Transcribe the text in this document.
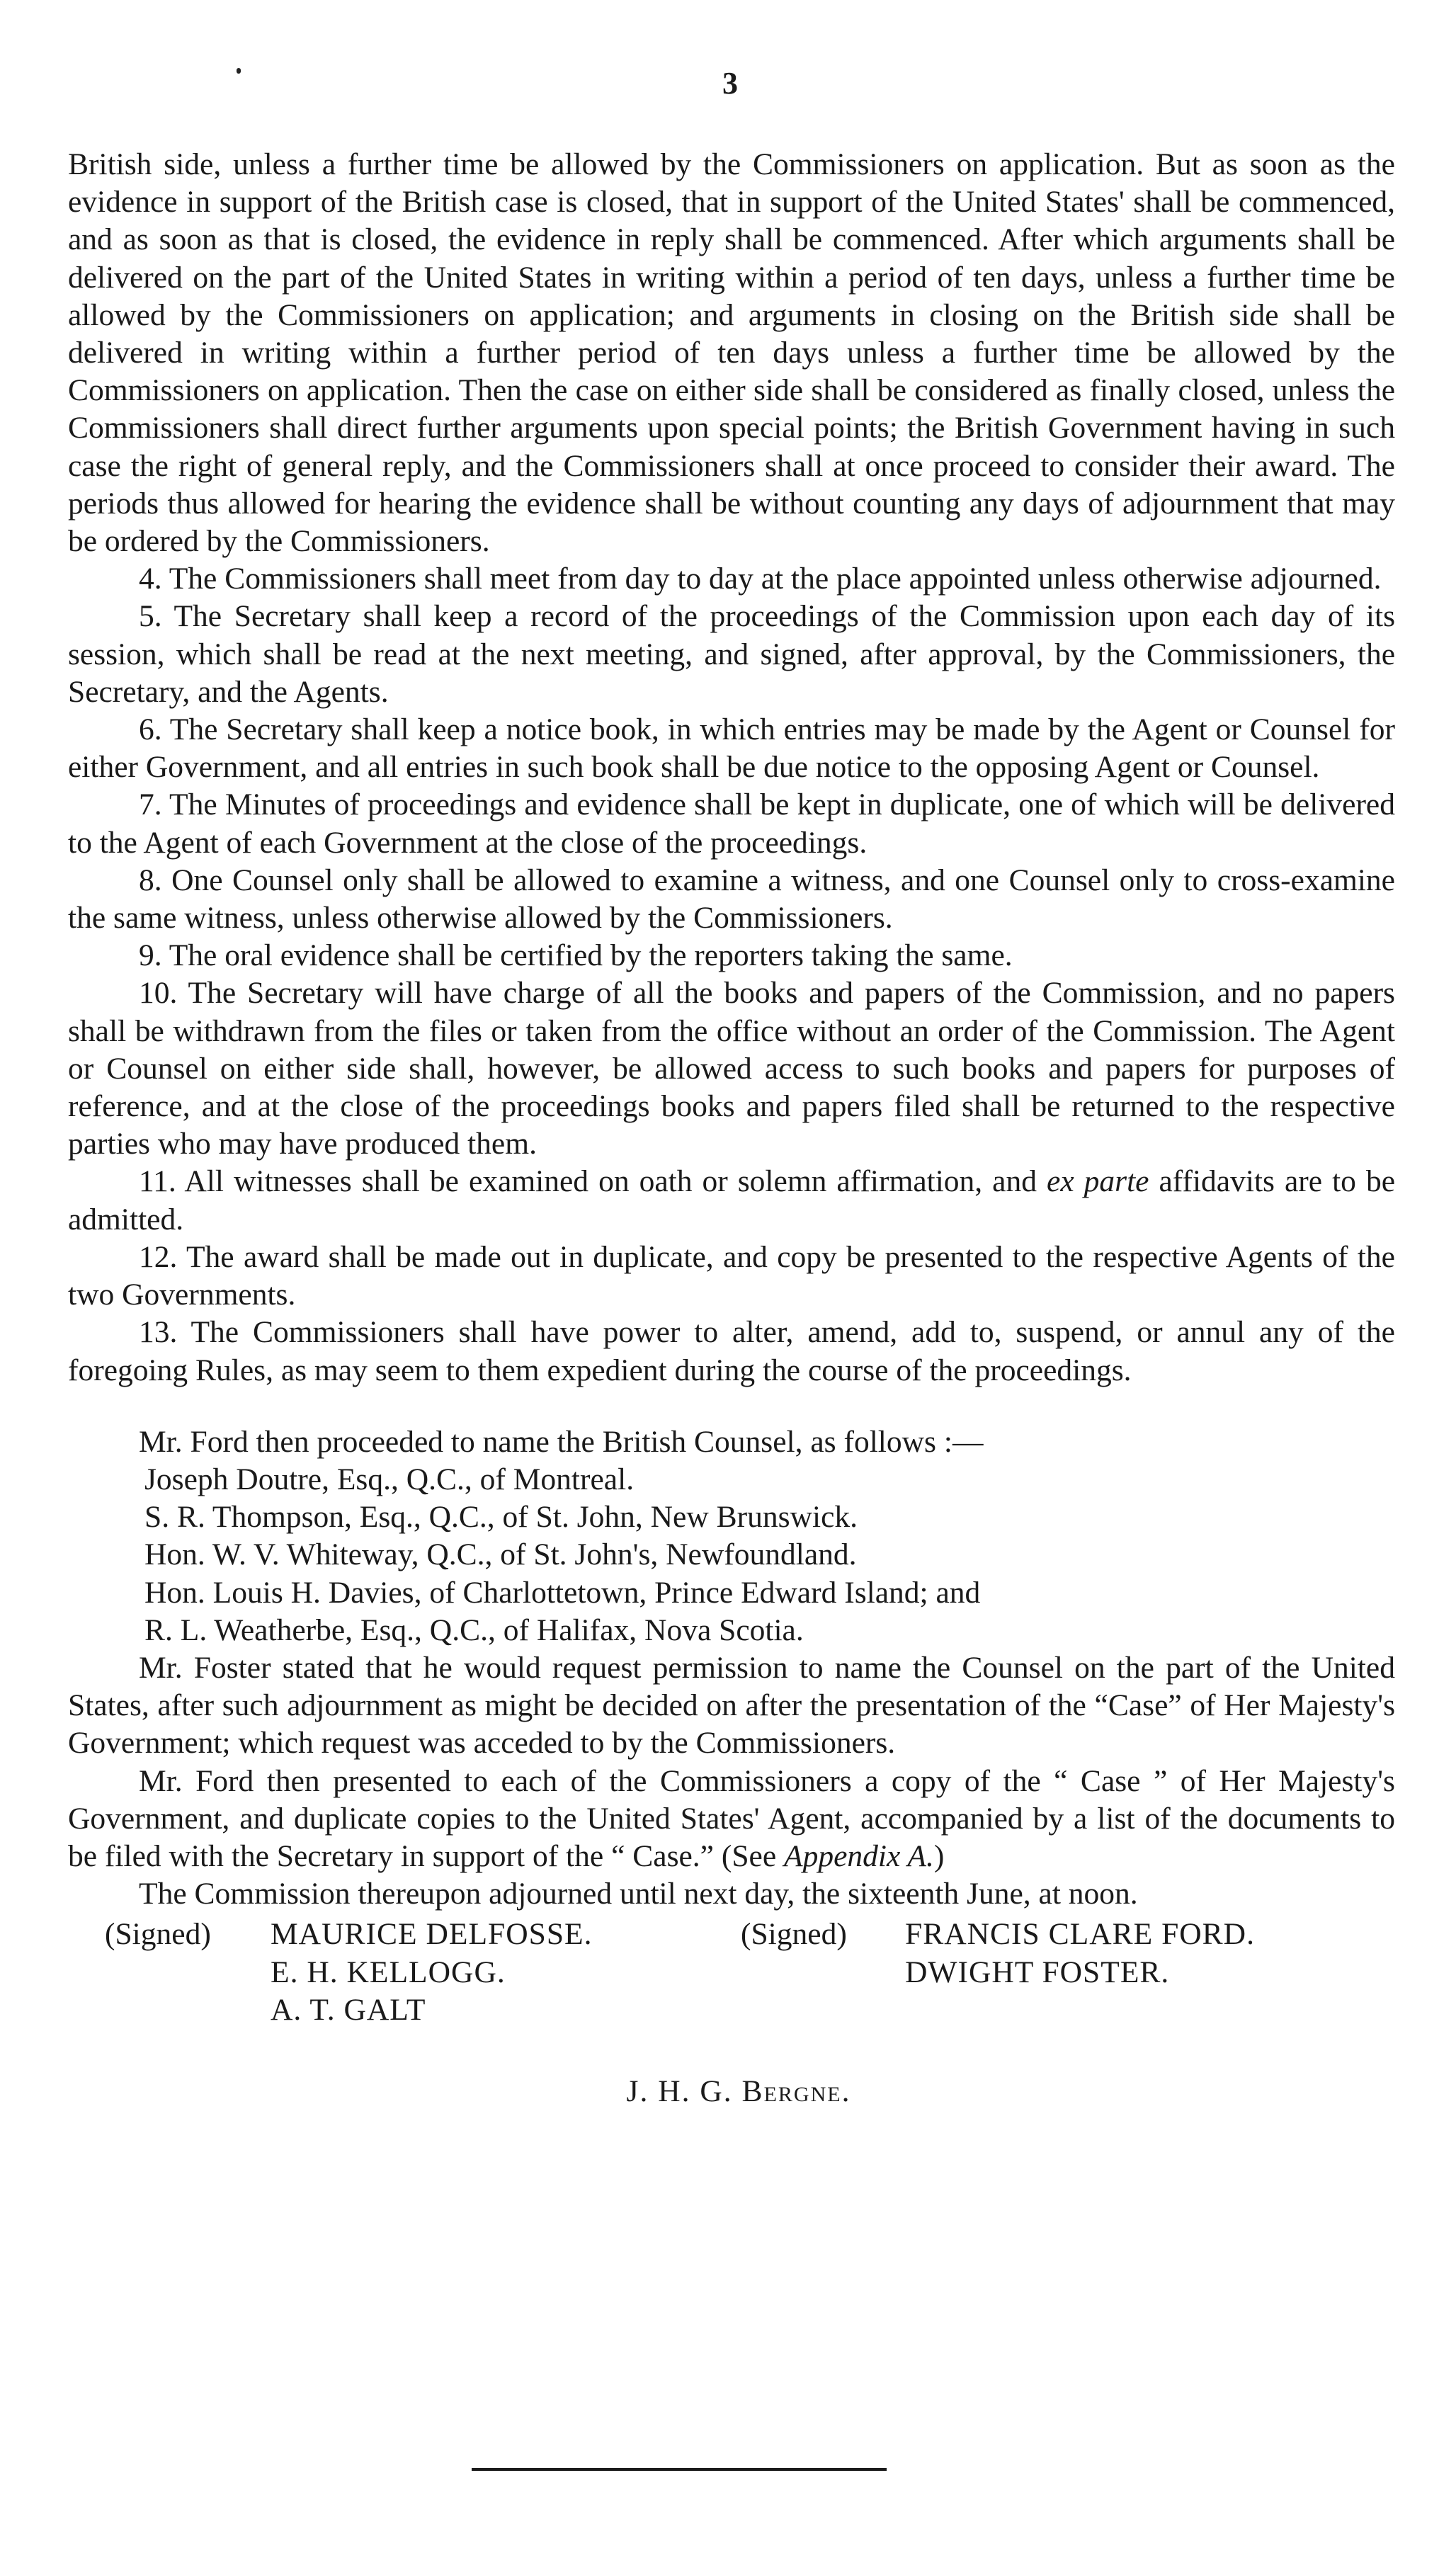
3

British side, unless a further time be allowed by the Commissioners on application. But as soon as the evidence in support of the British case is closed, that in support of the United States' shall be commenced, and as soon as that is closed, the evidence in reply shall be commenced. After which arguments shall be delivered on the part of the United States in writing within a period of ten days, unless a further time be allowed by the Commissioners on application; and arguments in closing on the British side shall be delivered in writing within a further period of ten days unless a further time be allowed by the Commissioners on application. Then the case on either side shall be considered as finally closed, unless the Commissioners shall direct further arguments upon special points; the British Government having in such case the right of general reply, and the Commissioners shall at once proceed to consider their award. The periods thus allowed for hearing the evidence shall be without counting any days of adjournment that may be ordered by the Commissioners.

4. The Commissioners shall meet from day to day at the place appointed unless otherwise adjourned.

5. The Secretary shall keep a record of the proceedings of the Commission upon each day of its session, which shall be read at the next meeting, and signed, after approval, by the Commissioners, the Secretary, and the Agents.

6. The Secretary shall keep a notice book, in which entries may be made by the Agent or Counsel for either Government, and all entries in such book shall be due notice to the opposing Agent or Counsel.

7. The Minutes of proceedings and evidence shall be kept in duplicate, one of which will be delivered to the Agent of each Government at the close of the proceedings.

8. One Counsel only shall be allowed to examine a witness, and one Counsel only to cross-examine the same witness, unless otherwise allowed by the Commissioners.

9. The oral evidence shall be certified by the reporters taking the same.

10. The Secretary will have charge of all the books and papers of the Commission, and no papers shall be withdrawn from the files or taken from the office without an order of the Commission. The Agent or Counsel on either side shall, however, be allowed access to such books and papers for purposes of reference, and at the close of the proceedings books and papers filed shall be returned to the respective parties who may have produced them.

11. All witnesses shall be examined on oath or solemn affirmation, and ex parte affidavits are to be admitted.

12. The award shall be made out in duplicate, and copy be presented to the respective Agents of the two Governments.

13. The Commissioners shall have power to alter, amend, add to, suspend, or annul any of the foregoing Rules, as may seem to them expedient during the course of the proceedings.

Mr. Ford then proceeded to name the British Counsel, as follows :—

Joseph Doutre, Esq., Q.C., of Montreal.
S. R. Thompson, Esq., Q.C., of St. John, New Brunswick.
Hon. W. V. Whiteway, Q.C., of St. John's, Newfoundland.
Hon. Louis H. Davies, of Charlottetown, Prince Edward Island; and
R. L. Weatherbe, Esq., Q.C., of Halifax, Nova Scotia.

Mr. Foster stated that he would request permission to name the Counsel on the part of the United States, after such adjournment as might be decided on after the presentation of the “Case” of Her Majesty's Government; which request was acceded to by the Commissioners.

Mr. Ford then presented to each of the Commissioners a copy of the “ Case ” of Her Majesty's Government, and duplicate copies to the United States' Agent, accompanied by a list of the documents to be filed with the Secretary in support of the “ Case.” (See Appendix A.)

The Commission thereupon adjourned until next day, the sixteenth June, at noon.

(Signed) MAURICE DELFOSSE.
E. H. KELLOGG.
A. T. GALT
(Signed) FRANCIS CLARE FORD.
DWIGHT FOSTER.
J. H. G. Bergne.
